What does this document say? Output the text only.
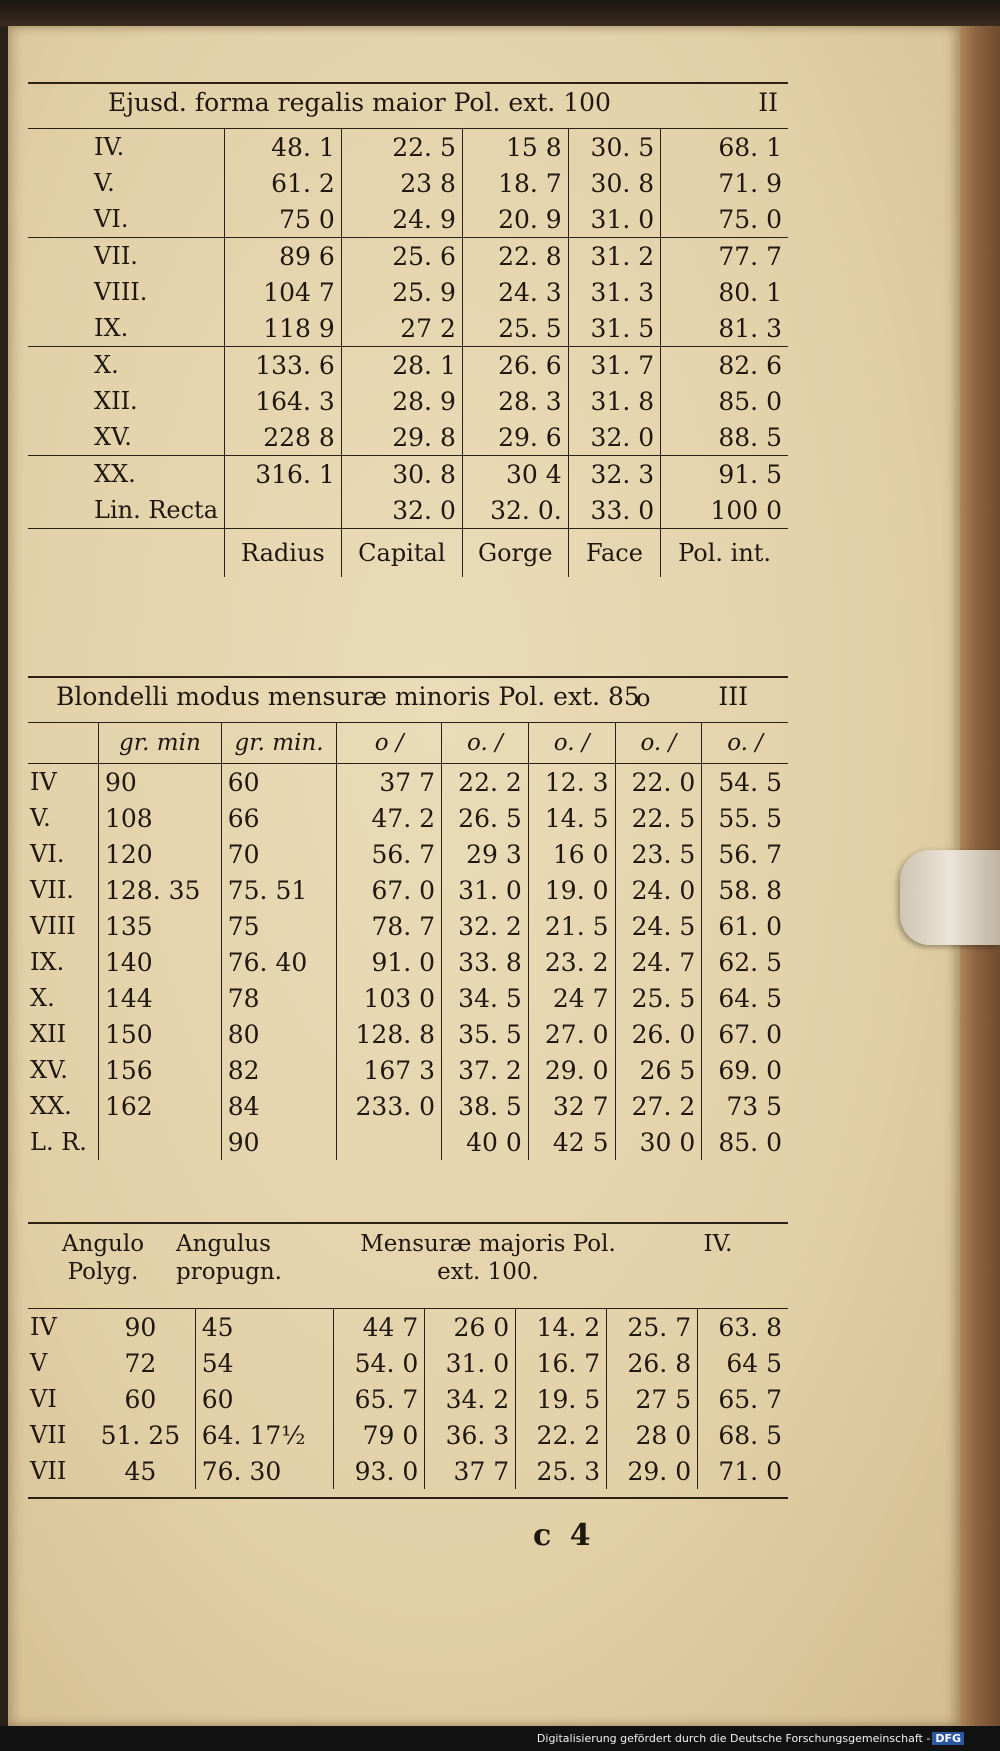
Ejusd. forma regalis maior Pol. ext. 100	II
IV.	48. 1	22. 5	15 8	30. 5	68. 1
V.	61. 2	23 8	18. 7	30. 8	71. 9
VI.	75 0	24. 9	20. 9	31. 0	75. 0
VII.	89 6	25. 6	22. 8	31. 2	77. 7
VIII.	104 7	25. 9	24. 3	31. 3	80. 1
IX.	118 9	27 2	25. 5	31. 5	81. 3
X.	133. 6	28. 1	26. 6	31. 7	82. 6
XII.	164. 3	28. 9	28. 3	31. 8	85. 0
XV.	228 8	29. 8	29. 6	32. 0	88. 5
XX.	316. 1	30. 8	30 4	32. 3	91. 5
Lin. Recta		32. 0	32. 0.	33. 0	100 0
	Radius	Capital	Gorge	Face	Pol. int.
o
Blondelli modus mensuræ minoris Pol. ext. 85	III
	gr. min	gr. min.	o /	o. /	o. /	o. /	o. /
IV	90	60	37 7	22. 2	12. 3	22. 0	54. 5
V.	108	66	47. 2	26. 5	14. 5	22. 5	55. 5
VI.	120	70	56. 7	29 3	16 0	23. 5	56. 7
VII.	128. 35	75. 51	67. 0	31. 0	19. 0	24. 0	58. 8
VIII	135	75	78. 7	32. 2	21. 5	24. 5	61. 0
IX.	140	76. 40	91. 0	33. 8	23. 2	24. 7	62. 5
X.	144	78	103 0	34. 5	24 7	25. 5	64. 5
XII	150	80	128. 8	35. 5	27. 0	26. 0	67. 0
XV.	156	82	167 3	37. 2	29. 0	26 5	69. 0
XX.	162	84	233. 0	38. 5	32 7	27. 2	73 5
L. R.		90		40 0	42 5	30 0	85. 0
Angulo
Polyg.
Angulus
propugn.
Mensuræ majoris Pol.
ext. 100.
IV.
IV	90	45	44 7	26 0	14. 2	25. 7	63. 8
V	72	54	54. 0	31. 0	16. 7	26. 8	64 5
VI	60	60	65. 7	34. 2	19. 5	27 5	65. 7
VII	51. 25	64. 17½	79 0	36. 3	22. 2	28 0	68. 5
VII	45	76. 30	93. 0	37 7	25. 3	29. 0	71. 0
c 4
Digitalisierung gefördert durch die Deutsche Forschungsgemeinschaft - DFG
